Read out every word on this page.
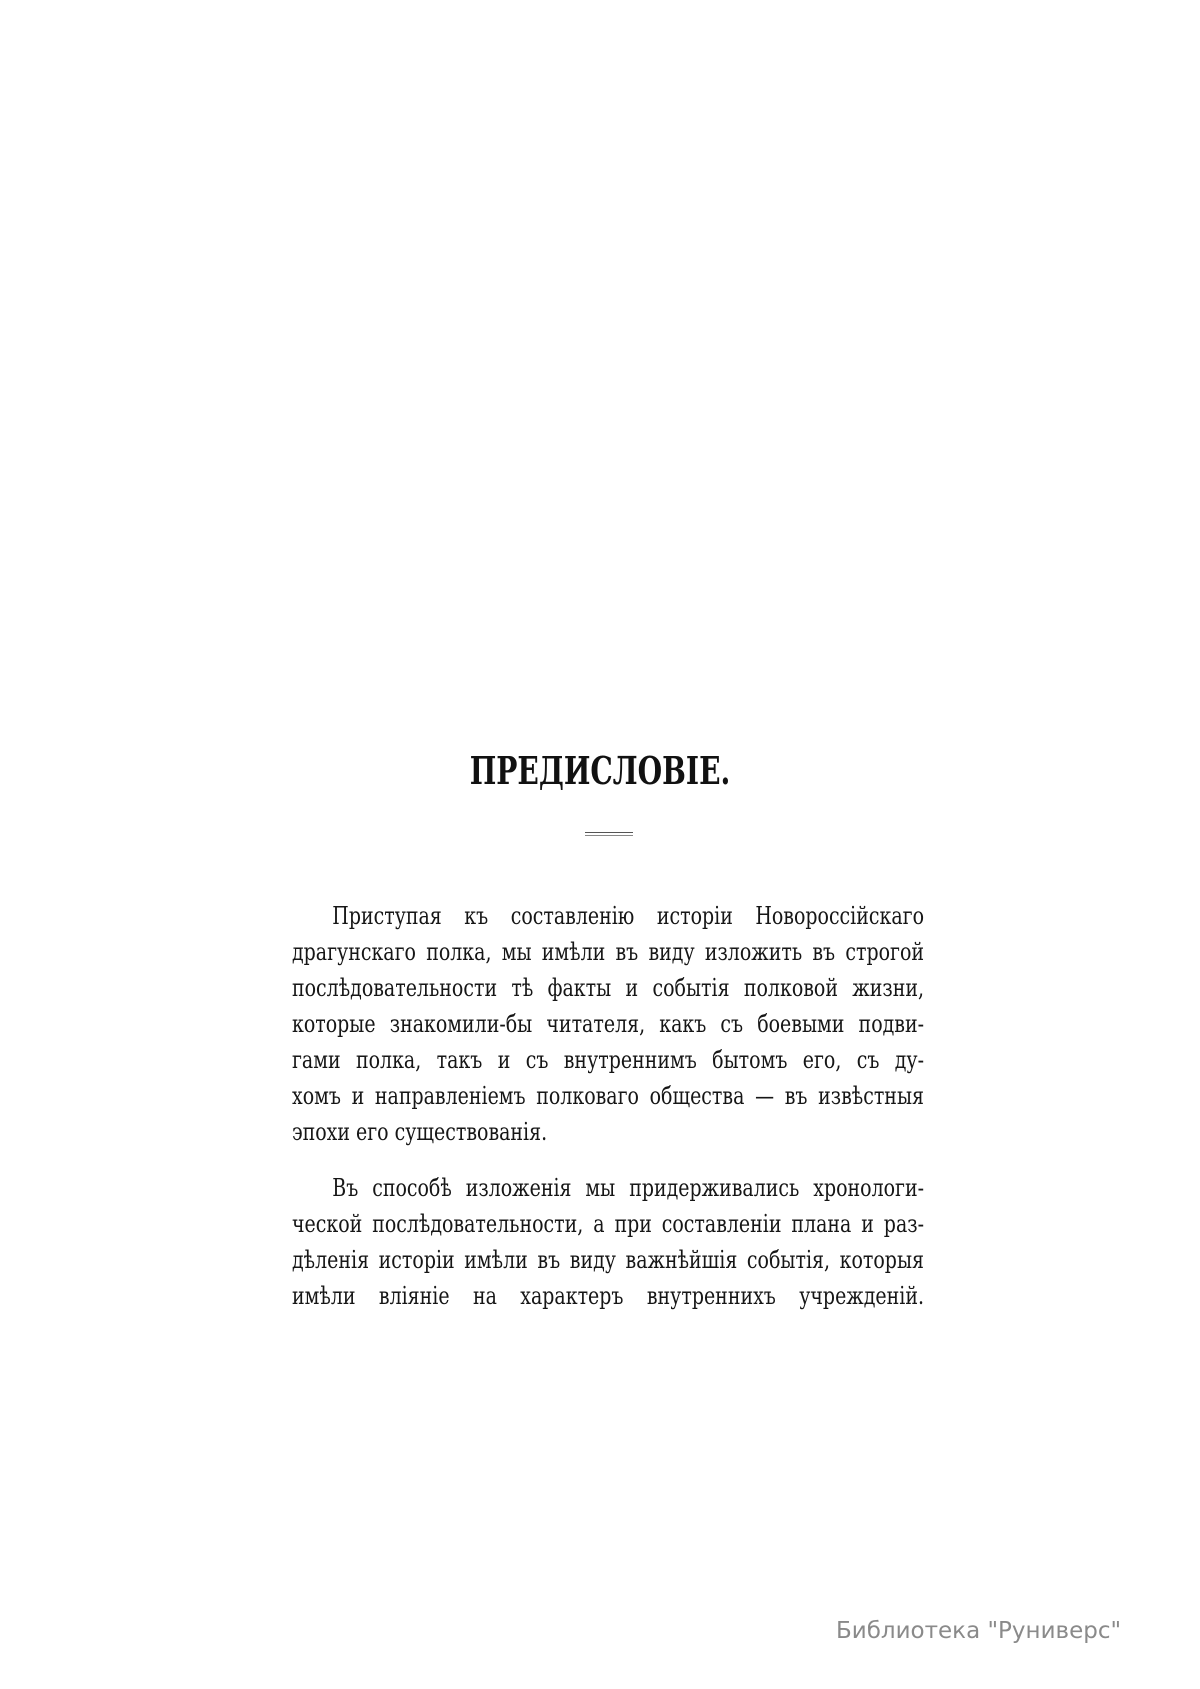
ПРЕДИСЛОВІЕ.
Приступая къ составленію исторіи Новороссійскаго
драгунскаго полка, мы имѣли въ виду изложить въ строгой
послѣдовательности тѣ факты и событія полковой жизни,
которые знакомили-бы читателя, какъ съ боевыми подви-
гами полка, такъ и съ внутреннимъ бытомъ его, съ ду-
хомъ и направленіемъ полковаго общества — въ извѣстныя
эпохи его существованія.
Въ способѣ изложенія мы придерживались хронологи-
ческой послѣдовательности, а при составленіи плана и раз-
дѣленія исторіи имѣли въ виду важнѣйшія событія, которыя
имѣли вліяніе на характеръ внутреннихъ учрежденій.
Библиотека "Руниверс"
